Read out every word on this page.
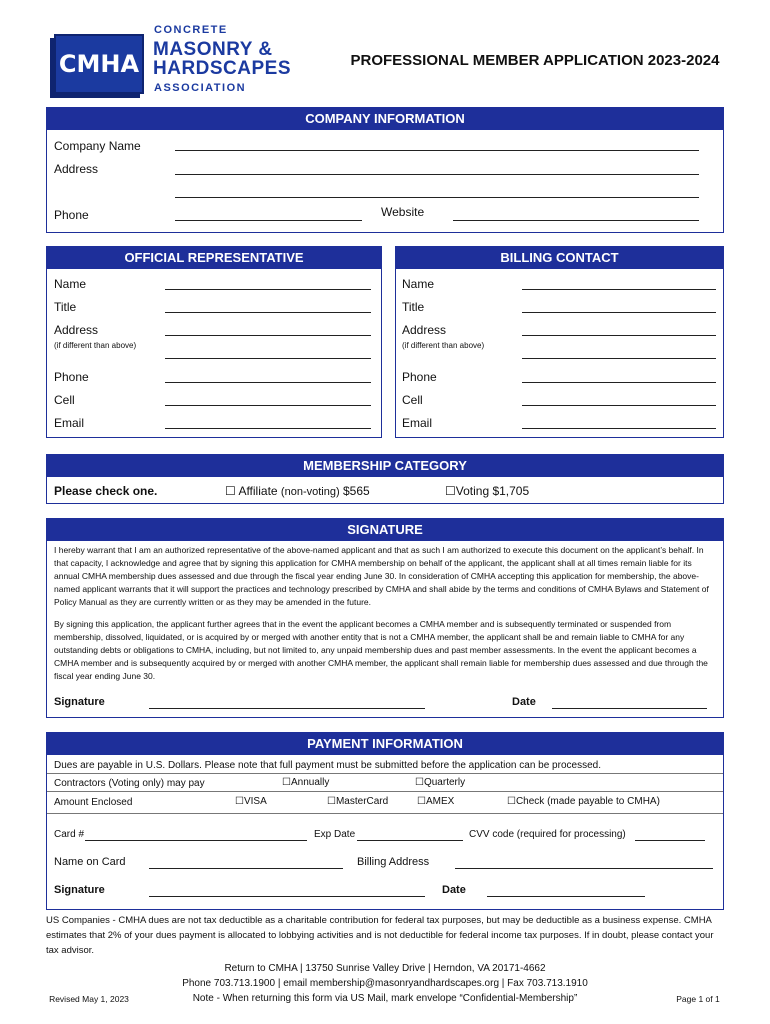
CMHA
CONCRETE
MASONRY &
HARDSCAPES
ASSOCIATION
PROFESSIONAL MEMBER APPLICATION 2023-2024
COMPANY INFORMATION
Company Name
Address
Phone	Website
OFFICIAL REPRESENTATIVE
Name
Title
Address
(if different than above)
Phone
Cell
Email
BILLING CONTACT
Name
Title
Address
(if different than above)
Phone
Cell
Email
MEMBERSHIP CATEGORY
Please check one.	☐ Affiliate (non-voting) $565	☐Voting $1,705
SIGNATURE
I hereby warrant that I am an authorized representative of the above-named applicant and that as such I am authorized to execute this document on the applicant’s behalf. In that capacity, I acknowledge and agree that by signing this application for CMHA membership on behalf of the applicant, the applicant shall at all times remain liable for its annual CMHA membership dues assessed and due through the fiscal year ending June 30. In consideration of CMHA accepting this application for membership, the above-named applicant warrants that it will support the practices and technology prescribed by CMHA and shall abide by the terms and conditions of CMHA Bylaws and Statement of Policy Manual as they are currently written or as they may be amended in the future.
By signing this application, the applicant further agrees that in the event the applicant becomes a CMHA member and is subsequently terminated or suspended from membership, dissolved, liquidated, or is acquired by or merged with another entity that is not a CMHA member, the applicant shall be and remain liable to CMHA for any outstanding debts or obligations to CMHA, including, but not limited to, any unpaid membership dues and past member assessments. In the event the applicant becomes a CMHA member and is subsequently acquired by or merged with another CMHA member, the applicant shall remain liable for membership dues assessed and due through the fiscal year ending June 30.
Signature	Date
PAYMENT INFORMATION
Dues are payable in U.S. Dollars. Please note that full payment must be submitted before the application can be processed.
Contractors (Voting only) may pay	☐Annually	☐Quarterly
Amount Enclosed	☐VISA	☐MasterCard	☐AMEX	☐Check (made payable to CMHA)
Card #	Exp Date	CVV code (required for processing)
Name on Card	Billing Address
Signature	Date
US Companies - CMHA dues are not tax deductible as a charitable contribution for federal tax purposes, but may be deductible as a business expense. CMHA estimates that 2% of your dues payment is allocated to lobbying activities and is not deductible for federal income tax purposes. If in doubt, please contact your tax advisor.
Return to CMHA | 13750 Sunrise Valley Drive | Herndon, VA 20171-4662
Phone 703.713.1900 | email membership@masonryandhardscapes.org | Fax 703.713.1910
Note - When returning this form via US Mail, mark envelope “Confidential-Membership”
Revised May 1, 2023	Page 1 of 1
